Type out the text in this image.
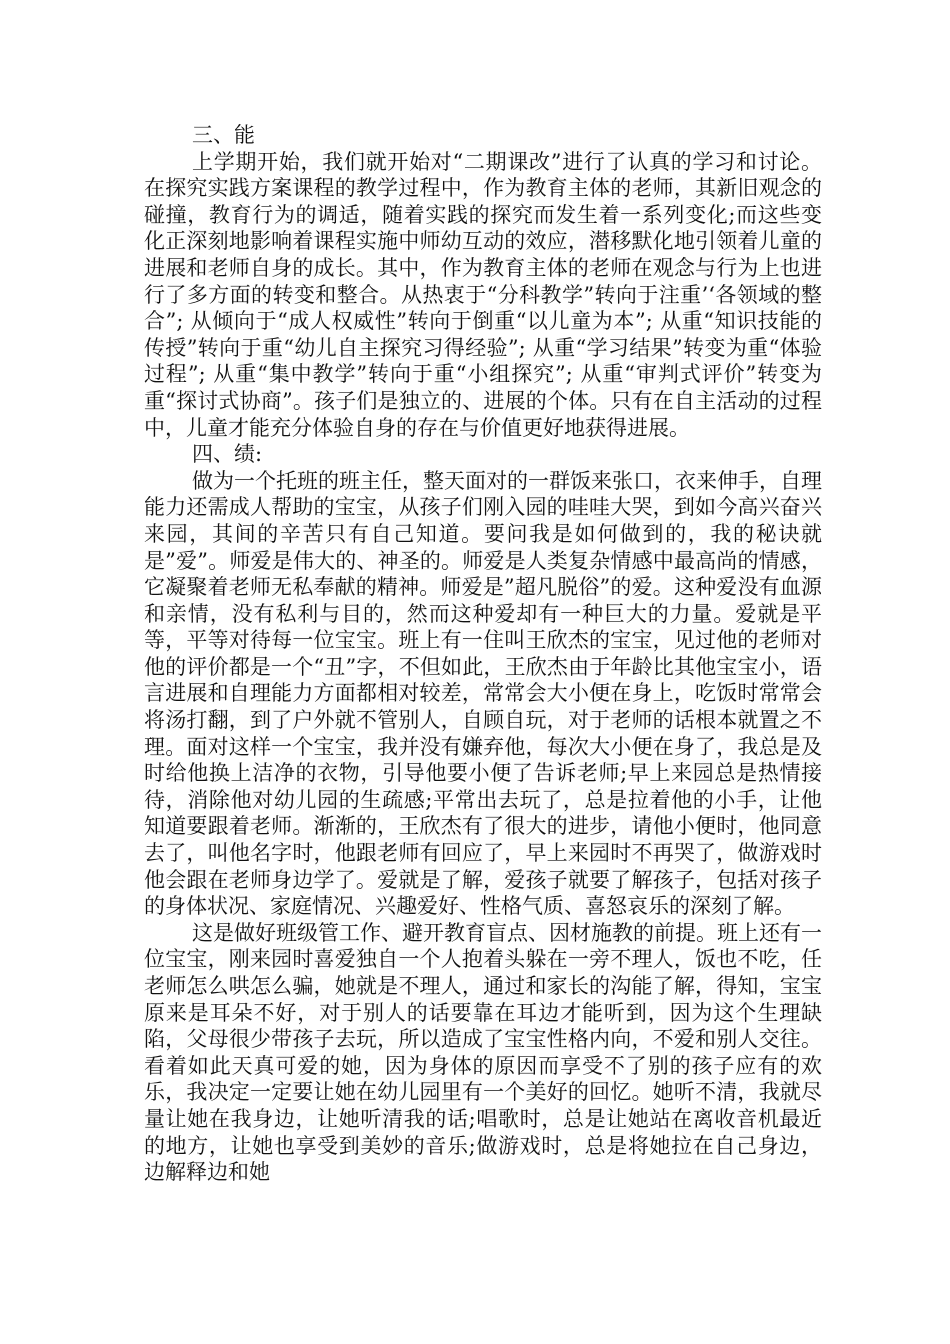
三、能

上学期开始，我们就开始对“二期课改”进行了认真的学习和讨论。在探究实践方案课程的教学过程中，作为教育主体的老师，其新旧观念的碰撞，教育行为的调适，随着实践的探究而发生着一系列变化;而这些变化正深刻地影响着课程实施中师幼互动的效应，潜移默化地引领着儿童的进展和老师自身的成长。其中，作为教育主体的老师在观念与行为上也进行了多方面的转变和整合。从热衷于“分科教学”转向于注重’‘各领域的整合”; 从倾向于“成人权威性”转向于倒重“以儿童为本”; 从重“知识技能的传授”转向于重“幼儿自主探究习得经验”; 从重“学习结果”转变为重“体验过程”; 从重“集中教学”转向于重“小组探究”; 从重“审判式评价”转变为重“探讨式协商”。孩子们是独立的、进展的个体。只有在自主活动的过程中，儿童才能充分体验自身的存在与价值更好地获得进展。

四、绩:

做为一个托班的班主任，整天面对的一群饭来张口，衣来伸手，自理能力还需成人帮助的宝宝，从孩子们刚入园的哇哇大哭，到如今高兴奋兴来园，其间的辛苦只有自己知道。要问我是如何做到的，我的秘诀就是”爱”。师爱是伟大的、神圣的。师爱是人类复杂情感中最高尚的情感，它凝聚着老师无私奉献的精神。师爱是”超凡脱俗”的爱。这种爱没有血源和亲情，没有私利与目的，然而这种爱却有一种巨大的力量。爱就是平等，平等对待每一位宝宝。班上有一住叫王欣杰的宝宝，见过他的老师对他的评价都是一个“丑”字，不但如此，王欣杰由于年龄比其他宝宝小，语言进展和自理能力方面都相对较差，常常会大小便在身上，吃饭时常常会将汤打翻，到了户外就不管别人，自顾自玩，对于老师的话根本就置之不理。面对这样一个宝宝，我并没有嫌弃他，每次大小便在身了，我总是及时给他换上洁净的衣物，引导他要小便了告诉老师;早上来园总是热情接待，消除他对幼儿园的生疏感;平常出去玩了，总是拉着他的小手，让他知道要跟着老师。渐渐的，王欣杰有了很大的进步，请他小便时，他同意去了，叫他名字时，他跟老师有回应了，早上来园时不再哭了，做游戏时他会跟在老师身边学了。爱就是了解，爱孩子就要了解孩子，包括对孩子的身体状况、家庭情况、兴趣爱好、性格气质、喜怒哀乐的深刻了解。

这是做好班级管工作、避开教育盲点、因材施教的前提。班上还有一位宝宝，刚来园时喜爱独自一个人抱着头躲在一旁不理人，饭也不吃，任老师怎么哄怎么骗，她就是不理人，通过和家长的沟能了解，得知，宝宝原来是耳朵不好，对于别人的话要靠在耳边才能听到，因为这个生理缺陷，父母很少带孩子去玩，所以造成了宝宝性格内向，不爱和别人交往。看着如此天真可爱的她，因为身体的原因而享受不了别的孩子应有的欢乐，我决定一定要让她在幼儿园里有一个美好的回忆。她听不清，我就尽量让她在我身边，让她听清我的话;唱歌时，总是让她站在离收音机最近的地方，让她也享受到美妙的音乐;做游戏时，总是将她拉在自己身边，边解释边和她
